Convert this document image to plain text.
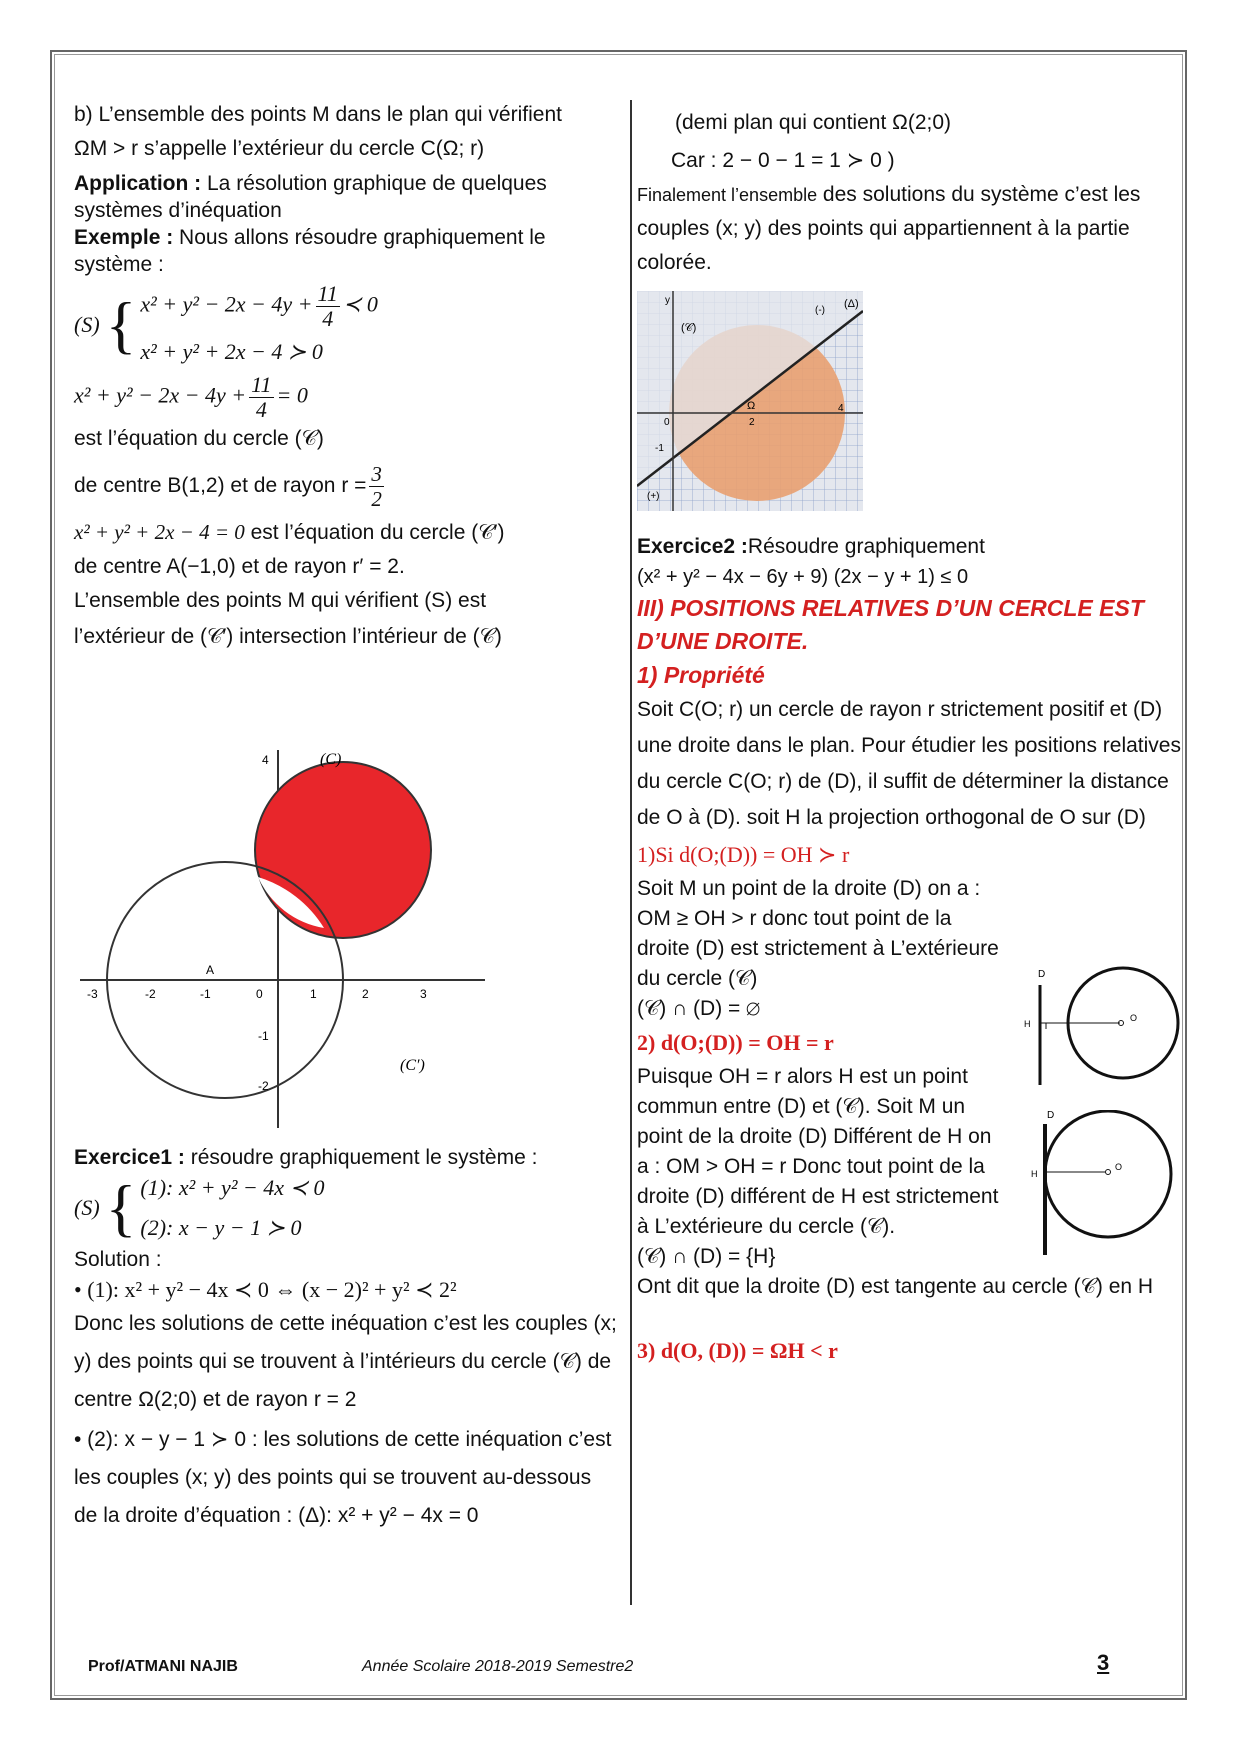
b) L’ensemble des points M dans le plan qui vérifient

ΩM > r s’appelle l’extérieur du cercle C(Ω; r)

Application : La résolution graphique de quelques systèmes d’inéquation

Exemple : Nous allons résoudre graphiquement le système :

(S) { $x^2 + y^2 - 2x - 4y + \frac{11}{4}$ ≺ 0
x² + y² + 2x − 4 ≻ 0
$x^2 + y^2 - 2x - 4y + \frac{11}{4} = 0$

est l’équation du cercle (𝒞)

de centre B(1,2) et de rayon $r = \frac{3}{2}$

x² + y² + 2x − 4 = 0 est l’équation du cercle (𝒞′)

de centre A(−1,0) et de rayon r′ = 2.

L’ensemble des points M qui vérifient (S) est

l’extérieur de (𝒞′) intersection l’intérieur de (𝒞)

(C)
(C′)
A
-3	-2	-1	0	1	2	3
4
-1
-2

Exercice1 : résoudre graphiquement le système :

(S) { (1): x² + y² − 4x ≺ 0
(2): x − y − 1 ≻ 0

Solution :

• (1): x² + y² − 4x ≺ 0 ⇔ (x − 2)² + y² ≺ 2²

Donc les solutions de cette inéquation c’est les couples (x; y) des points qui se trouvent à l’intérieurs du cercle (𝒞) de centre Ω(2;0) et de rayon r = 2

• (2): x − y − 1 ≻ 0 : les solutions de cette inéquation c’est les couples (x; y) des points qui se trouvent au-dessous de la droite d’équation : (Δ): x² + y² − 4x = 0

(demi plan qui contient Ω(2;0)

Car : 2 − 0 − 1 = 1 ≻ 0 )

Finalement l’ensemble des solutions du système c’est les couples (x; y) des points qui appartiennent à la partie colorée.

(Δ)
Ω
2
4
0
-1
(𝒞)
y
(+)
(-)

Exercice2 :Résoudre graphiquement

(x² + y² − 4x − 6y + 9) (2x − y + 1) ≤ 0

III) POSITIONS RELATIVES D’UN CERCLE EST D’UNE DROITE.

1) Propriété

Soit C(O; r) un cercle de rayon r strictement positif et (D) une droite dans le plan. Pour étudier les positions relatives du cercle C(O; r) de (D), il suffit de déterminer la distance de O à (D). soit H la projection orthogonal de O sur (D)

1)Si d(O;(D)) = OH ≻ r

Soit M un point de la droite (D) on a : OM ≥ OH > r donc tout point de la droite (D) est strictement à L’extérieure du cercle (𝒞)

(𝒞) ∩ (D) = ∅

2) d(O;(D)) = OH = r

Puisque OH = r alors H est un point commun entre (D) et (𝒞). Soit M un point de la droite (D) Différent de H on a : OM > OH = r Donc tout point de la droite (D) différent de H est strictement à L’extérieure du cercle (𝒞).

(𝒞) ∩ (D) = {H}

Ont dit que la droite (D) est tangente au cercle (𝒞) en H

3) d(O, (D)) = ΩH < r

D
H
O
D
H
O
Prof/ATMANI NAJIB	Année Scolaire 2018-2019 Semestre2	3
